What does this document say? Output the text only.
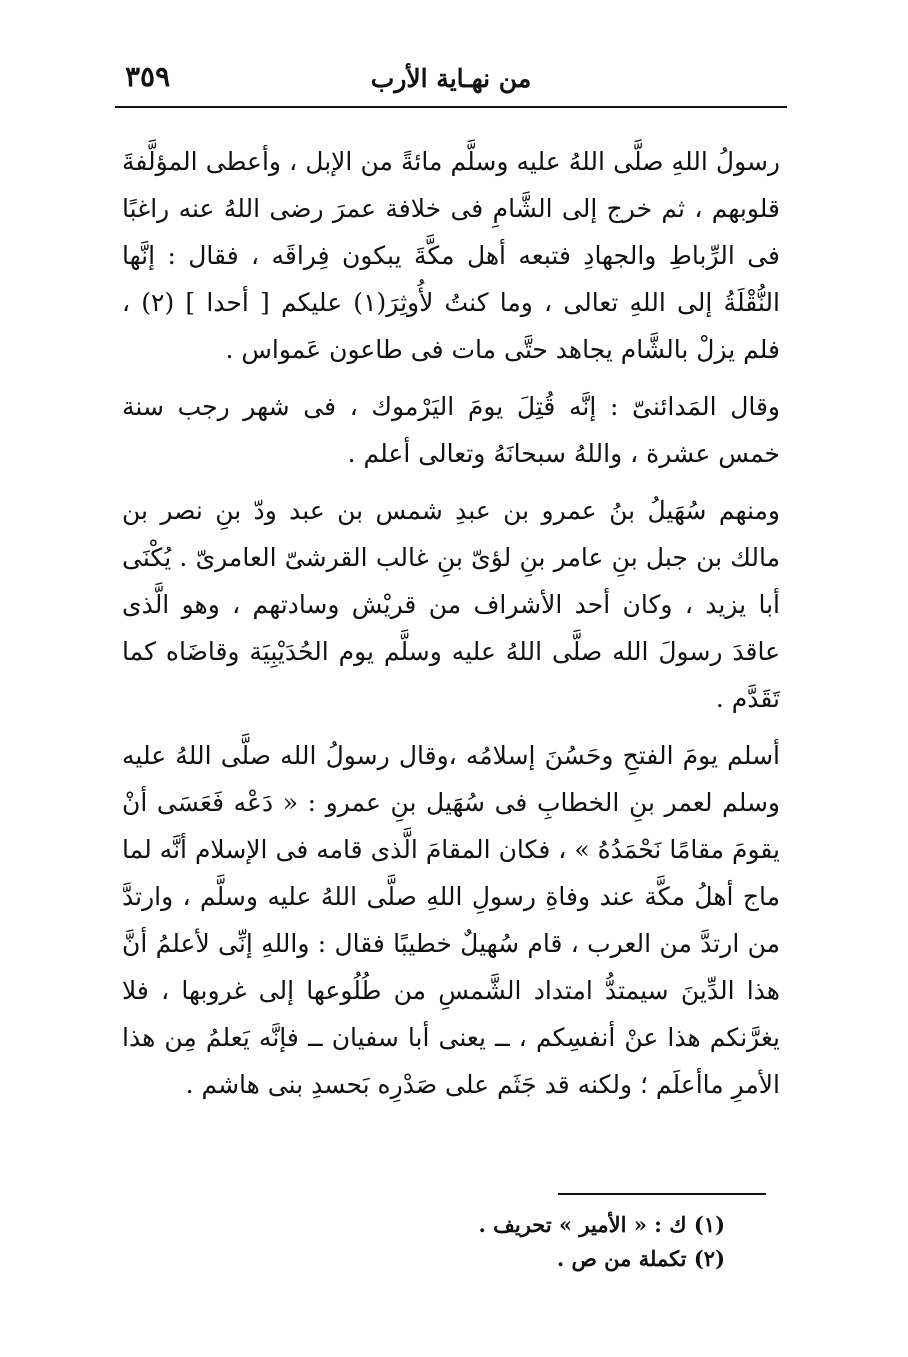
٣٥٩	من نهـاية الأرب

رسولُ اللهِ صلَّى اللهُ عليه وسلَّم مائةً من الإبل ، وأعطى المؤلَّفةَ قلوبهم ، ثم خرج إلى الشَّامِ فى خلافة عمرَ رضى اللهُ عنه راغبًا فى الرِّباطِ والجهادِ فتبعه أهل مكَّةَ يبكون فِراقَه ، فقال : إنَّها النُّقْلَةُ إلى اللهِ تعالى ، وما كنتُ لأُوثِرَ(١) عليكم [ أحدا ] (٢) ، فلم يزلْ بالشَّام يجاهد حتَّى مات فى طاعون عَمواس .

وقال المَدائنىّ : إنَّه قُتِلَ يومَ اليَرْموك ، فى شهر رجب سنة خمس عشرة ، واللهُ سبحانَهُ وتعالى أعلم .

ومنهم سُهَيلُ بنُ عمرو بن عبدِ شمس بن عبد ودّ بنِ نصر بن مالك بن جبل بنِ عامر بنِ لؤىّ بنِ غالب القرشىّ العامرىّ . يُكْنَى أبا يزيد ، وكان أحد الأشراف من قريْش وسادتهم ، وهو الَّذى عاقدَ رسولَ الله صلَّى اللهُ عليه وسلَّم يوم الحُدَيْبِيَة وقاضَاه كما تَقَدَّم .

أسلم يومَ الفتحِ وحَسُنَ إسلامُه ،وقال رسولُ الله صلَّى اللهُ عليه وسلم لعمر بنِ الخطابِ فى سُهَيل بنِ عمرو : « دَعْه فَعَسَى أنْ يقومَ مقامًا نَحْمَدُهُ » ، فكان المقامَ الَّذى قامه فى الإسلام أنَّه لما ماج أهلُ مكَّة عند وفاةِ رسولِ اللهِ صلَّى اللهُ عليه وسلَّم ، وارتدَّ من ارتدَّ من العرب ، قام سُهيلٌ خطيبًا فقال : واللهِ إنِّى لأعلمُ أنَّ هذا الدِّينَ سيمتدُّ امتداد الشَّمسِ من طُلُوعها إلى غروبها ، فلا يغرَّنكم هذا عنْ أنفسِكم ، ــ يعنى أبا سفيان ــ فإنَّه يَعلمُ مِن هذا الأمرِ ماأعلَم ؛ ولكنه قد جَثَم على صَدْرِه بَحسدِ بنى هاشم .

(١) ك : « الأمير » تحريف .
(٢) تكملة من ص .
